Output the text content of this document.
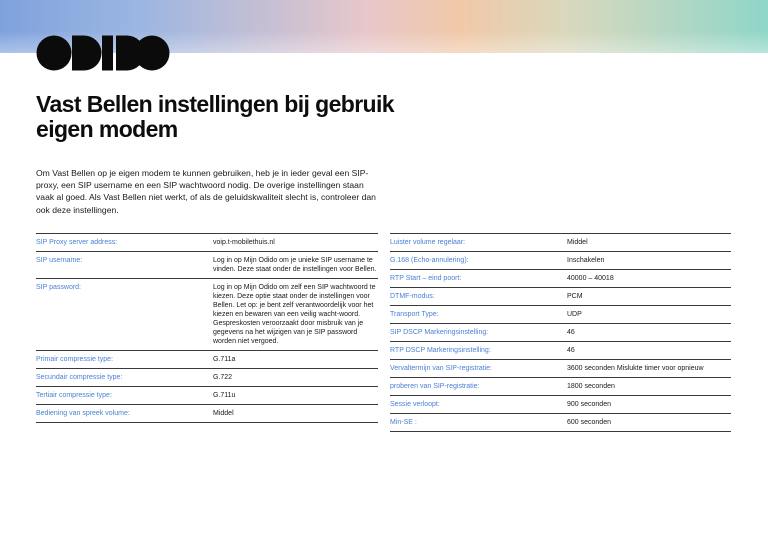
Vast Bellen instellingen bij gebruik eigen modem

Om Vast Bellen op je eigen modem te kunnen gebruiken, heb je in ieder geval een SIP-proxy, een SIP username en een SIP wachtwoord nodig. De overige instellingen staan vaak al goed. Als Vast Bellen niet werkt, of als de geluidskwaliteit slecht is, controleer dan ook deze instellingen.

SIP Proxy server address:	voip.t-mobilethuis.nl
SIP username:	Log in op Mijn Odido om je unieke SIP username te vinden. Deze staat onder de instellingen voor Bellen.
SIP password:	Log in op Mijn Odido om zelf een SIP wachtwoord te kiezen. Deze optie staat onder de instellingen voor Bellen. Let op: je bent zelf verantwoordelijk voor het kiezen en bewaren van een veilig wacht-woord. Gespreskosten veroorzaakt door misbruik van je gegevens na het wijzigen van je SIP password worden niet vergoed.
Primair compressie type:	G.711a
Secundair compressie type:	G.722
Tertiair compressie type:	G.711u
Bediening van spreek volume:	Middel
Luister volume regelaar:	Middel
G.168 (Echo-annulering):	Inschakelen
RTP Start – eind poort:	40000 – 40018
DTMF-modus:	PCM
Transport Type:	UDP
SIP DSCP Markeringsinstelling:	46
RTP DSCP Markeringsinstelling:	46
Vervaltermijn van SIP-registratie:	3600 seconden Mislukte timer voor opnieuw
proberen van SIP-registratie:	1800 seconden
Sessie verloopt:	900 seconden
Min-SE :	600 seconden
